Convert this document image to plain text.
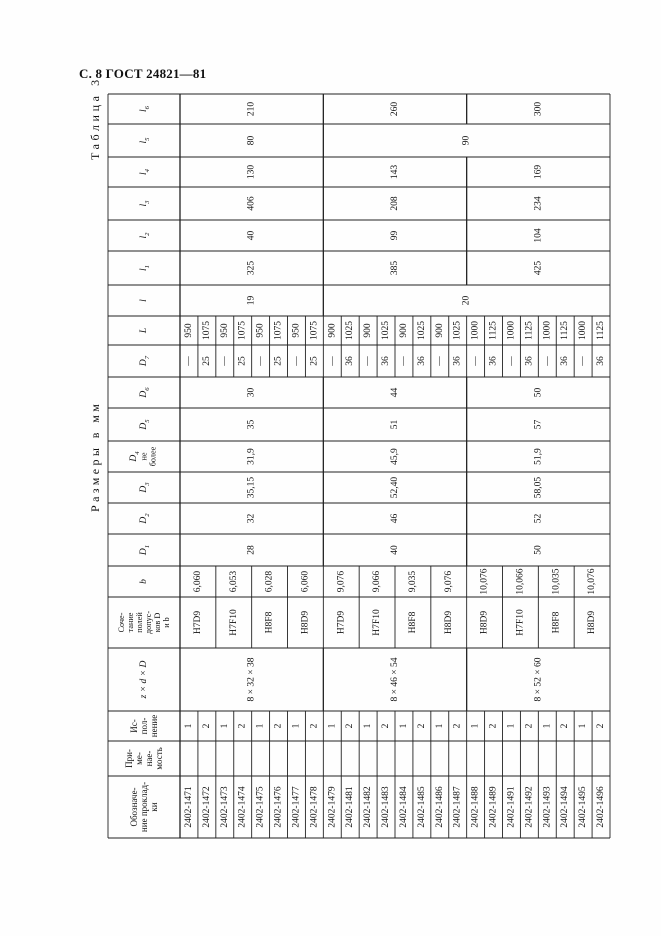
С. 8 ГОСТ 24821—81
Таблица 3
Размеры в мм
Обозначе- ние проклад- ки
При- ме- нае- мость
Ис- пол- нение
z × d × D
Соче- тание полей допус- ков D и b
b
$D_1$
$D_2$
$D_3$
$D_4$ не более
$D_5$
$D_6$
$D_7$
L
l
$l_1$
$l_2$
$l_3$
$l_4$
$l_5$
$l_6$
2402-1471
1
—
950
2402-1472
2
25
1075
2402-1473
1
—
950
2402-1474
2
25
1075
2402-1475
1
—
950
2402-1476
2
25
1075
2402-1477
1
—
950
2402-1478
2
25
1075
2402-1479
1
—
900
2402-1481
2
36
1025
2402-1482
1
—
900
2402-1483
2
36
1025
2402-1484
1
—
900
2402-1485
2
36
1025
2402-1486
1
—
900
2402-1487
2
36
1025
2402-1488
1
—
1000
2402-1489
2
36
1125
2402-1491
1
—
1000
2402-1492
2
36
1125
2402-1493
1
—
1000
2402-1494
2
36
1125
2402-1495
1
—
1000
2402-1496
2
36
1125
8 × 32 × 38
28
32
35,15
31,9
35
30
19
325
40
406
130
80
210
H7D9
6,060
H7F10
6,053
H8F8
6,028
H8D9
6,060
8 × 46 × 54
40
46
52,40
45,9
51
44
385
99
208
143
260
H7D9
9,076
H7F10
9,066
H8F8
9,035
H8D9
9,076
8 × 52 × 60
50
52
58,05
51,9
57
50
425
104
234
169
300
H8D9
10,076
H7F10
10,066
H8F8
10,035
H8D9
10,076
20
90
